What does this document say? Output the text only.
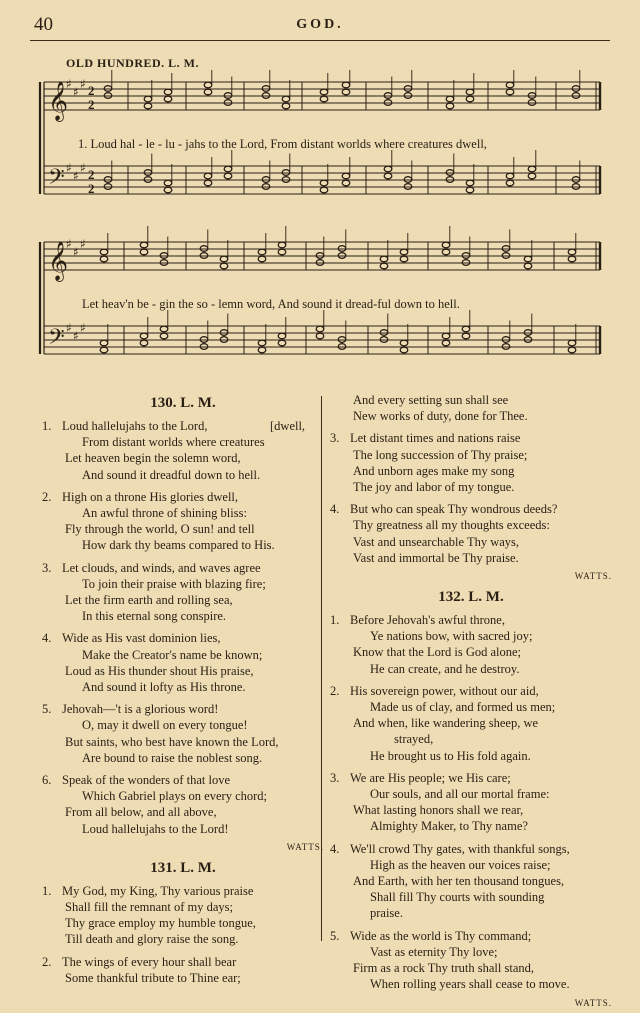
40	GOD.
OLD HUNDRED. L. M.
𝄞
𝄞
𝄢
𝄢
♯
♯
♯
♯
♯
♯
♯
♯
♯
♯
♯
♯
2
2
2
2
1. Loud hal - le - lu - jahs to the Lord, From distant worlds where creatures dwell,
Let heav'n be - gin the so - lemn word, And sound it dread-ful down to hell.
130. L. M.
1. Loud hallelujahs to the Lord,	[dwell,
From distant worlds where creatures
Let heaven begin the solemn word,
And sound it dreadful down to hell.
2. High on a throne His glories dwell,
An awful throne of shining bliss:
Fly through the world, O sun! and tell
How dark thy beams compared to His.
3. Let clouds, and winds, and waves agree
To join their praise with blazing fire;
Let the firm earth and rolling sea,
In this eternal song conspire.
4. Wide as His vast dominion lies,
Make the Creator's name be known;
Loud as His thunder shout His praise,
And sound it lofty as His throne.
5. Jehovah—'t is a glorious word!
O, may it dwell on every tongue!
But saints, who best have known the Lord,
Are bound to raise the noblest song.
6. Speak of the wonders of that love
Which Gabriel plays on every chord;
From all below, and all above,
Loud hallelujahs to the Lord!
WATTS.
131. L. M.
1. My God, my King, Thy various praise
Shall fill the remnant of my days;
Thy grace employ my humble tongue,
Till death and glory raise the song.
2. The wings of every hour shall bear
Some thankful tribute to Thine ear;
And every setting sun shall see
New works of duty, done for Thee.
3. Let distant times and nations raise
The long succession of Thy praise;
And unborn ages make my song
The joy and labor of my tongue.
4. But who can speak Thy wondrous deeds?
Thy greatness all my thoughts exceeds:
Vast and unsearchable Thy ways,
Vast and immortal be Thy praise.
WATTS.
132. L. M.
1. Before Jehovah's awful throne,
Ye nations bow, with sacred joy;
Know that the Lord is God alone;
He can create, and he destroy.
2. His sovereign power, without our aid,
Made us of clay, and formed us men;
And when, like wandering sheep, we
strayed,
He brought us to His fold again.
3. We are His people; we His care;
Our souls, and all our mortal frame:
What lasting honors shall we rear,
Almighty Maker, to Thy name?
4. We'll crowd Thy gates, with thankful songs,
High as the heaven our voices raise;
And Earth, with her ten thousand tongues,
Shall fill Thy courts with sounding
praise.
5. Wide as the world is Thy command;
Vast as eternity Thy love;
Firm as a rock Thy truth shall stand,
When rolling years shall cease to move.
WATTS.
